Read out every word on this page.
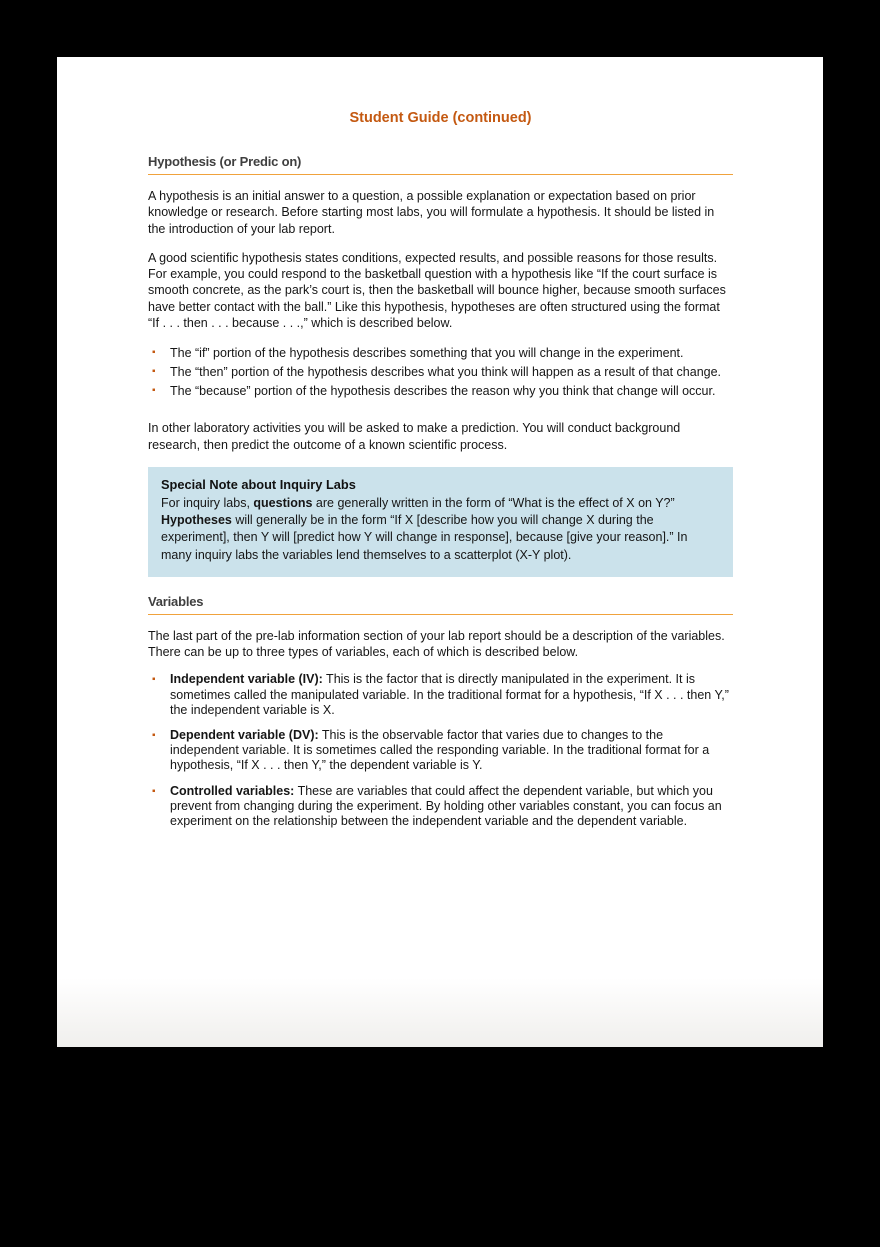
Student Guide (continued)
Hypothesis (or Predic on)

A hypothesis is an initial answer to a question, a possible explanation or expectation based on prior knowledge or research. Before starting most labs, you will formulate a hypothesis. It should be listed in the introduction of your lab report.

A good scientific hypothesis states conditions, expected results, and possible reasons for those results. For example, you could respond to the basketball question with a hypothesis like “If the court surface is smooth concrete, as the park’s court is, then the basketball will bounce higher, because smooth surfaces have better contact with the ball.” Like this hypothesis, hypotheses are often structured using the format “If . . . then . . . because . . .,” which is described below.

▪	The “if” portion of the hypothesis describes something that you will change in the experiment.
▪	The “then” portion of the hypothesis describes what you think will happen as a result of that change.
▪	The “because” portion of the hypothesis describes the reason why you think that change will occur.

In other laboratory activities you will be asked to make a prediction. You will conduct background research, then predict the outcome of a known scientific process.

Special Note about Inquiry Labs

For inquiry labs, questions are generally written in the form of “What is the effect of X on Y?” Hypotheses will generally be in the form “If X [describe how you will change X during the experiment], then Y will [predict how Y will change in response], because [give your reason].” In many inquiry labs the variables lend themselves to a scatterplot (X-Y plot).

Variables

The last part of the pre-lab information section of your lab report should be a description of the variables. There can be up to three types of variables, each of which is described below.

▪	Independent variable (IV): This is the factor that is directly manipulated in the experiment. It is sometimes called the manipulated variable. In the traditional format for a hypothesis, “If X . . . then Y,” the independent variable is X.
▪	Dependent variable (DV): This is the observable factor that varies due to changes to the independent variable. It is sometimes called the responding variable. In the traditional format for a hypothesis, “If X . . . then Y,” the dependent variable is Y.
▪	Controlled variables: These are variables that could affect the dependent variable, but which you prevent from changing during the experiment. By holding other variables constant, you can focus an experiment on the relationship between the independent variable and the dependent variable.
